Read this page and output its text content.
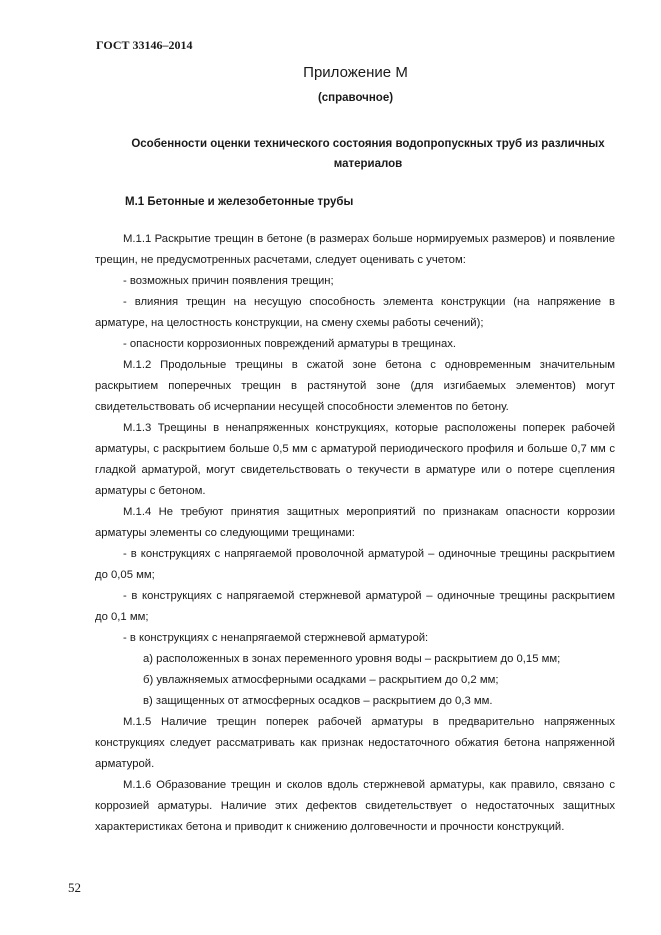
ГОСТ 33146–2014
Приложение М
(справочное)
Особенности оценки технического состояния водопропускных труб из различных материалов
М.1 Бетонные и железобетонные трубы

М.1.1 Раскрытие трещин в бетоне (в размерах больше нормируемых размеров) и появление трещин, не предусмотренных расчетами, следует оценивать с учетом:

- возможных причин появления трещин;

- влияния трещин на несущую способность элемента конструкции (на напряжение в арматуре, на целостность конструкции, на смену схемы работы сечений);

- опасности коррозионных повреждений арматуры в трещинах.

М.1.2 Продольные трещины в сжатой зоне бетона с одновременным значительным раскрытием поперечных трещин в растянутой зоне (для изгибаемых элементов) могут свидетельствовать об исчерпании несущей способности элементов по бетону.

М.1.3 Трещины в ненапряженных конструкциях, которые расположены поперек рабочей арматуры, с раскрытием больше 0,5 мм с арматурой периодического профиля и больше 0,7 мм с гладкой арматурой, могут свидетельствовать о текучести в арматуре или о потере сцепления арматуры с бетоном.

М.1.4 Не требуют принятия защитных мероприятий по признакам опасности коррозии арматуры элементы со следующими трещинами:

- в конструкциях с напрягаемой проволочной арматурой – одиночные трещины раскрытием до 0,05 мм;

- в конструкциях с напрягаемой стержневой арматурой – одиночные трещины раскрытием до 0,1 мм;

- в конструкциях с ненапрягаемой стержневой арматурой:

а) расположенных в зонах переменного уровня воды – раскрытием до 0,15 мм;

б) увлажняемых атмосферными осадками – раскрытием до 0,2 мм;

в) защищенных от атмосферных осадков – раскрытием до 0,3 мм.

М.1.5 Наличие трещин поперек рабочей арматуры в предварительно напряженных конструкциях следует рассматривать как признак недостаточного обжатия бетона напряженной арматурой.

М.1.6 Образование трещин и сколов вдоль стержневой арматуры, как правило, связано с коррозией арматуры. Наличие этих дефектов свидетельствует о недостаточных защитных характеристиках бетона и приводит к снижению долговечности и прочности конструкций.

52
